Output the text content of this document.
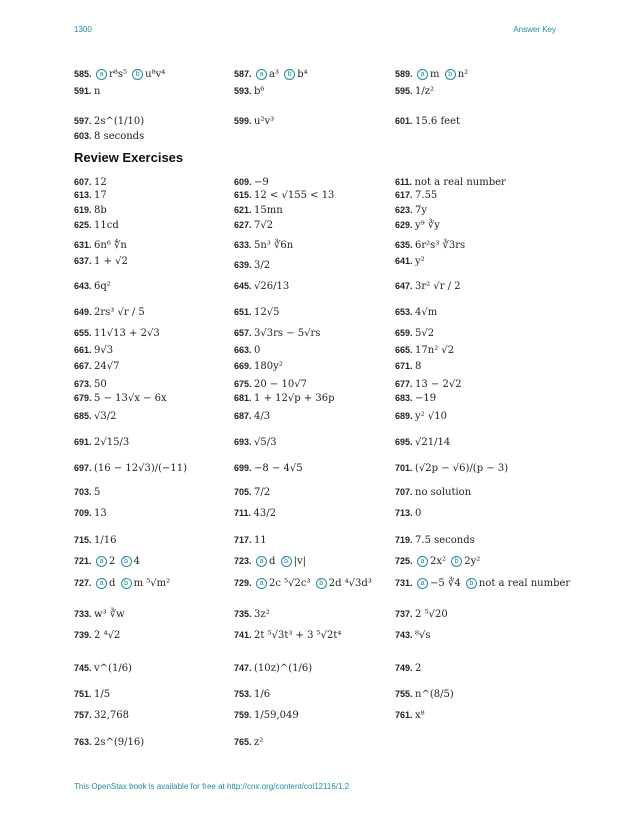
1300	Answer Key
585. a r⁸s⁵ b u⁸v⁴	587. a a³ b b⁴	589. a m b n²
591. n	593. b⁶	595. 1/z²
597. 2s^(1/10)	599. u²v³	601. 15.6 feet
603. 8 seconds
Review Exercises
607. 12	609. −9	611. not a real number
613. 17	615. 12 < √155 < 13	617. 7.55
619. 8b	621. 15mn	623. 7y
625. 11cd	627. 7√2	629. y⁹ ∛y
631. 6n⁶ ∜n	633. 5n³ ∛6n	635. 6r²s³ ∛3rs
637. 1 + √2	639. 3/2	641. y²
643. 6q²	645. √26/13	647. 3r² √r / 2
649. 2rs³ √r / 5	651. 12√5	653. 4√m
655. 11√13 + 2√3	657. 3√3rs − 5√rs	659. 5√2
661. 9√3	663. 0	665. 17n² √2
667. 24√7	669. 180y²	671. 8
673. 50	675. 20 − 10√7	677. 13 − 2√2
679. 5 − 13√x − 6x	681. 1 + 12√p + 36p	683. −19
685. √3/2	687. 4/3	689. y² √10
691. 2√15/3	693. √5/3	695. √21/14
697. (16 − 12√3)/(−11)	699. −8 − 4√5	701. (√2p − √6)/(p − 3)
703. 5	705. 7/2	707. no solution
709. 13	711. 43/2	713. 0
715. 1/16	717. 11	719. 7.5 seconds
721. a 2 b 4	723. a d b |v|	725. a 2x² b 2y²
727. a d b m ⁵√m²	729. a 2c ⁵√2c³ b 2d ⁴√3d³	731. a −5 ∛4 b not a real number
733. w³ ∛w	735. 3z²	737. 2 ⁵√20
739. 2 ⁴√2	741. 2t ⁵√3t³ + 3 ⁵√2t⁴	743. ⁸√s
745. v^(1/6)	747. (10z)^(1/6)	749. 2
751. 1/5	753. 1/6	755. n^(8/5)
757. 32,768	759. 1/59,049	761. x⁸
763. 2s^(9/16)	765. z²
This OpenStax book is available for free at http://cnx.org/content/col12116/1.2
